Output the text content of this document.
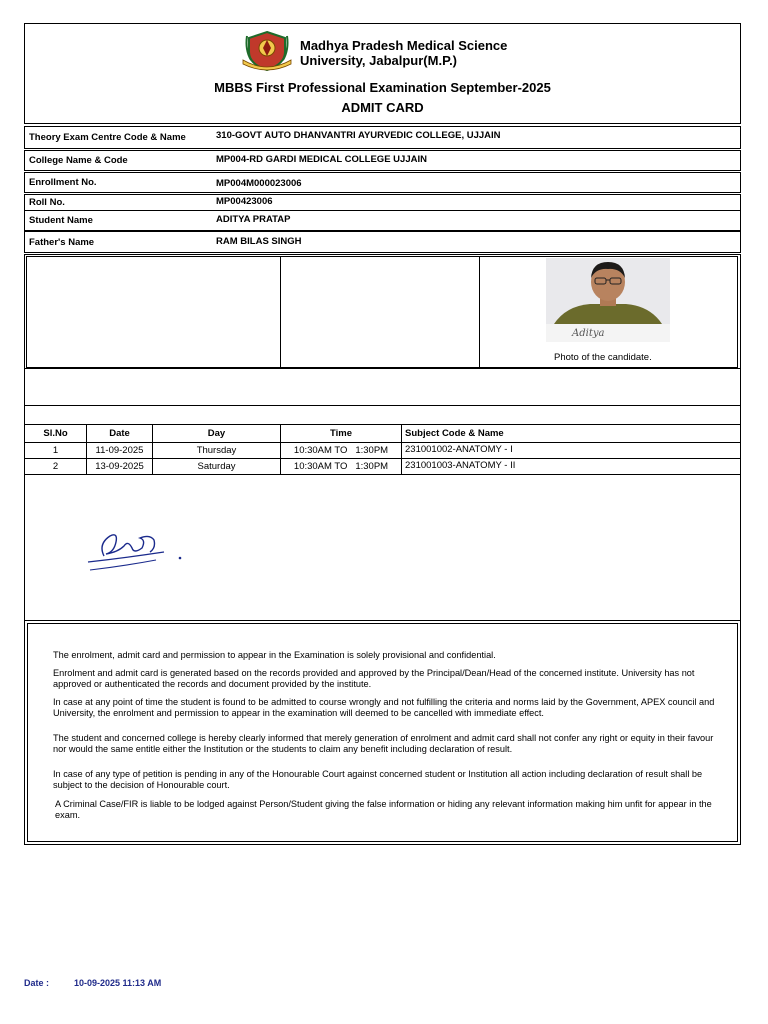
Madhya Pradesh Medical Science
University, Jabalpur(M.P.)
MBBS First Professional Examination September-2025
ADMIT CARD
Theory Exam Centre Code & Name	310-GOVT AUTO DHANVANTRI AYURVEDIC COLLEGE, UJJAIN
College Name & Code	MP004-RD GARDI MEDICAL COLLEGE UJJAIN
Enrollment No.	MP004M000023006
Roll No.	MP00423006
Student Name	ADITYA PRATAP
Father's Name	RAM BILAS SINGH
Aditya
Photo of the candidate.
Sl.No	Date	Day	Time	Subject Code & Name
1	11-09-2025	Thursday	10:30AM TO   1:30PM	231001002-ANATOMY - I
2	13-09-2025	Saturday	10:30AM TO   1:30PM	231001003-ANATOMY - II

The enrolment, admit card and permission to appear in the Examination is solely provisional and confidential.

Enrolment and admit card is generated based on the records provided and approved by the Principal/Dean/Head of the concerned institute. University has not approved or authenticated the records and document provided by the institute.

In case at any point of time the student is found to be admitted to course wrongly and not fulfilling the criteria and norms laid by the Government, APEX council and University, the enrolment and permission to appear in the examination will deemed to be cancelled with immediate effect.

The student and concerned college is hereby clearly informed that merely generation of enrolment and admit card shall not confer any right or equity in their favour nor would the same entitle either the Institution or the students to claim any benefit including declaration of result.

In case of any type of petition is pending in any of the Honourable Court against concerned student or Institution all action including declaration of result shall be subject to the decision of Honourable court.

A Criminal Case/FIR is liable to be lodged against Person/Student giving the false information or hiding any relevant information making him unfit for appear in the exam.

Date :	10-09-2025 11:13 AM
